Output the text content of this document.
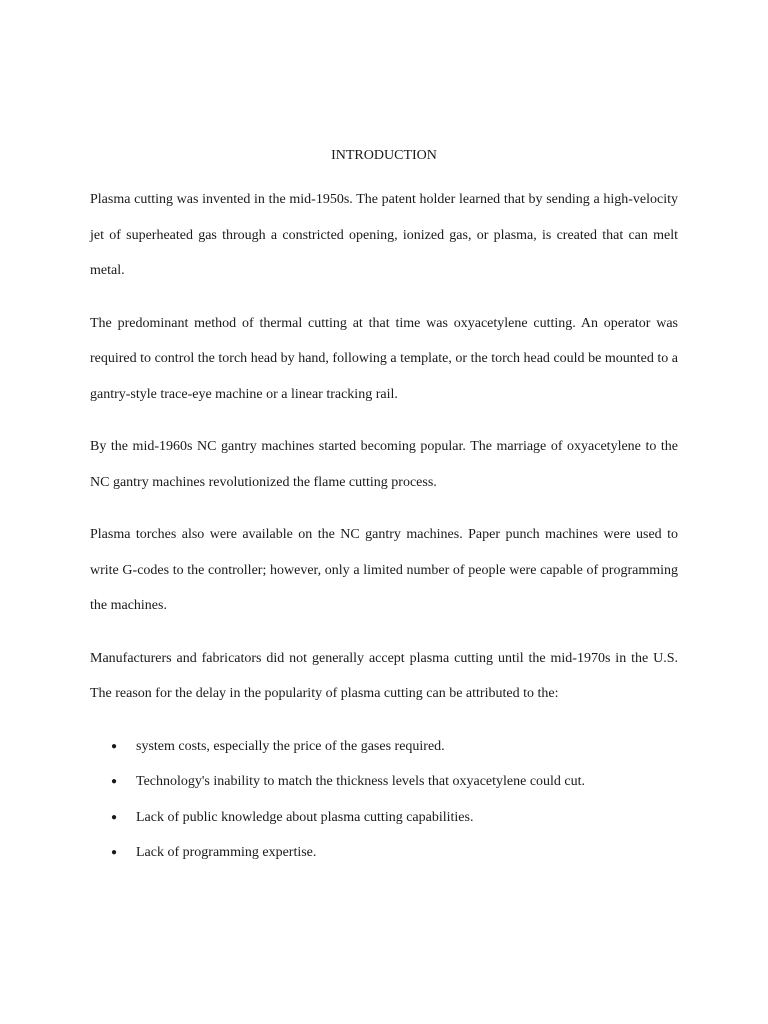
INTRODUCTION

Plasma cutting was invented in the mid-1950s. The patent holder learned that by sending a high-velocity jet of superheated gas through a constricted opening, ionized gas, or plasma, is created that can melt metal.

The predominant method of thermal cutting at that time was oxyacetylene cutting. An operator was required to control the torch head by hand, following a template, or the torch head could be mounted to a gantry-style trace-eye machine or a linear tracking rail.

By the mid-1960s NC gantry machines started becoming popular. The marriage of oxyacetylene to the NC gantry machines revolutionized the flame cutting process.

Plasma torches also were available on the NC gantry machines. Paper punch machines were used to write G-codes to the controller; however, only a limited number of people were capable of programming the machines.

Manufacturers and fabricators did not generally accept plasma cutting until the mid-1970s in the U.S. The reason for the delay in the popularity of plasma cutting can be attributed to the:

● system costs, especially the price of the gases required.
● Technology's inability to match the thickness levels that oxyacetylene could cut.
● Lack of public knowledge about plasma cutting capabilities.
● Lack of programming expertise.
